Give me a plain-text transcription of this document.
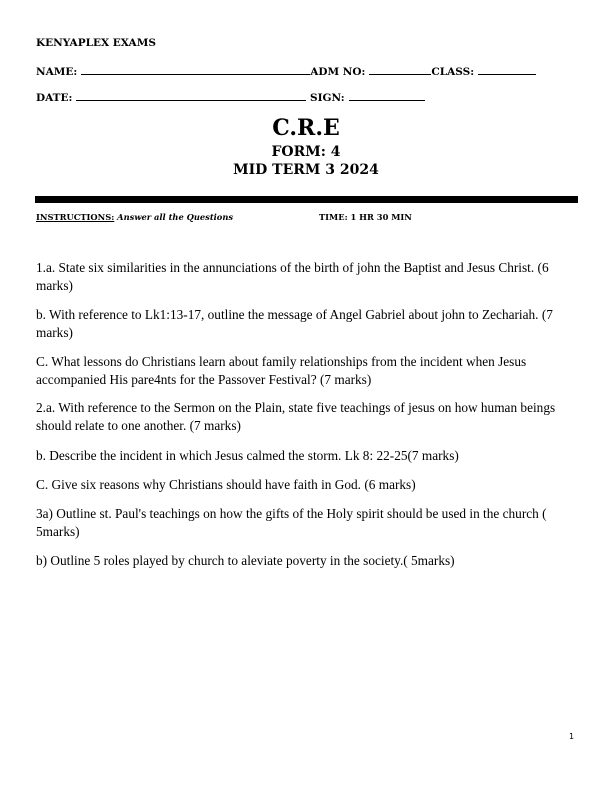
KENYAPLEX EXAMS
NAME:	ADM NO:	CLASS:
DATE:	SIGN:
C.R.E
FORM: 4
MID TERM 3 2024
INSTRUCTIONS: Answer all the Questions	TIME: 1 HR 30 MIN
1.a. State six similarities in the annunciations of the birth of john the Baptist and Jesus Christ. (6 marks)
b. With reference to Lk1:13-17, outline the message of Angel Gabriel about john to Zechariah. (7 marks)
C. What lessons do Christians learn about family relationships from the incident when Jesus accompanied His pare4nts for the Passover Festival? (7 marks)
2.a. With reference to the Sermon on the Plain, state five teachings of jesus on how human beings should relate to one another. (7 marks)
b. Describe the incident in which Jesus calmed the storm. Lk 8: 22-25(7 marks)
C. Give six reasons why Christians should have faith in God. (6 marks)
3a) Outline st. Paul's teachings on how the gifts of the Holy spirit should be used in the church ( 5marks)
b) Outline 5 roles played by church to aleviate poverty in the society.( 5marks)
1
